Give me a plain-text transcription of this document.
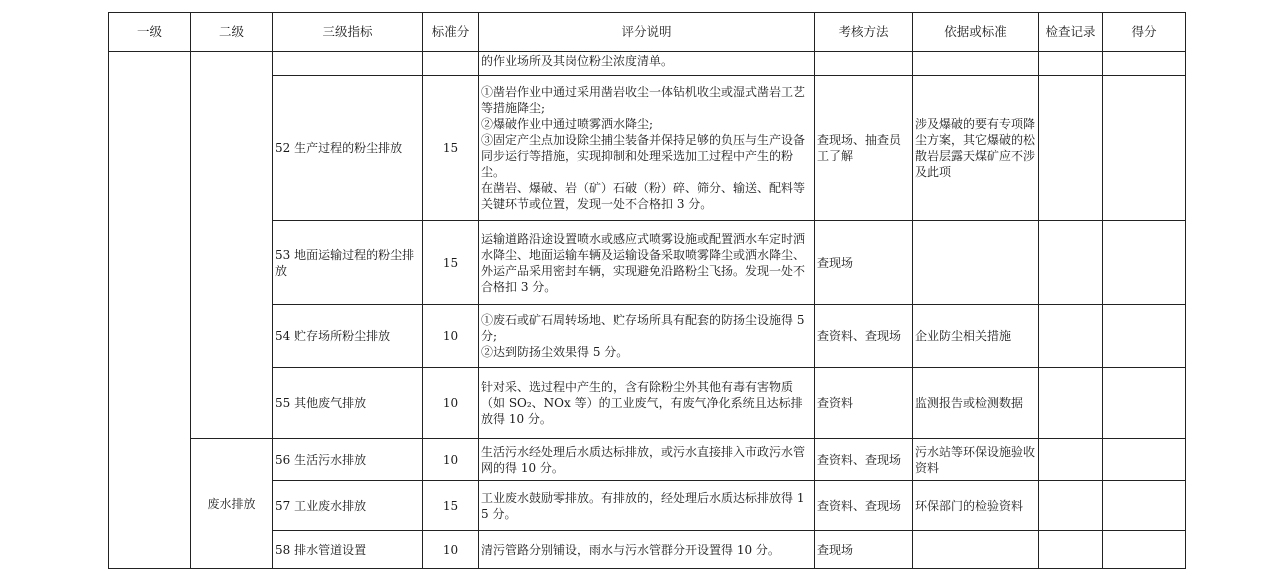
一级	二级	三级指标	标准分	评分说明	考核方法	依据或标准	检查记录	得分

				的作业场所及其岗位粉尘浓度清单。				

		52 生产过程的粉尘排放	15	①凿岩作业中通过采用凿岩收尘一体钻机收尘或湿式凿岩工艺等措施降尘;

②爆破作业中通过喷雾洒水降尘;

③固定产尘点加设除尘捕尘装备并保持足够的负压与生产设备同步运行等措施，实现抑制和处理采选加工过程中产生的粉尘。

在凿岩、爆破、岩（矿）石破（粉）碎、筛分、输送、配料等关键环节或位置，发现一处不合格扣 3 分。	查现场、抽查员工了解	涉及爆破的要有专项降尘方案，其它爆破的松散岩层露天煤矿应不涉及此项		
		53 地面运输过程的粉尘排放	15	运输道路沿途设置喷水或感应式喷雾设施或配置洒水车定时洒水降尘、地面运输车辆及运输设备采取喷雾降尘或洒水降尘、外运产品采用密封车辆，实现避免沿路粉尘飞扬。发现一处不合格扣 3 分。	查现场			
		54 贮存场所粉尘排放	10	①废石或矿石周转场地、贮存场所具有配套的防扬尘设施得 5 分;

②达到防扬尘效果得 5 分。	查资料、查现场	企业防尘相关措施		
		55 其他废气排放	10	针对采、选过程中产生的，含有除粉尘外其他有毒有害物质（如 SO₂、NOx 等）的工业废气，有废气净化系统且达标排放得 10 分。	查资料	监测报告或检测数据		
	废水排放	56 生活污水排放	10	生活污水经处理后水质达标排放，或污水直接排入市政污水管网的得 10 分。	查资料、查现场	污水站等环保设施验收资料		
		57 工业废水排放	15	工业废水鼓励零排放。有排放的，经处理后水质达标排放得 15 分。	查资料、查现场	环保部门的检验资料		
		58 排水管道设置	10	清污管路分别铺设，雨水与污水管群分开设置得 10 分。	查现场			
